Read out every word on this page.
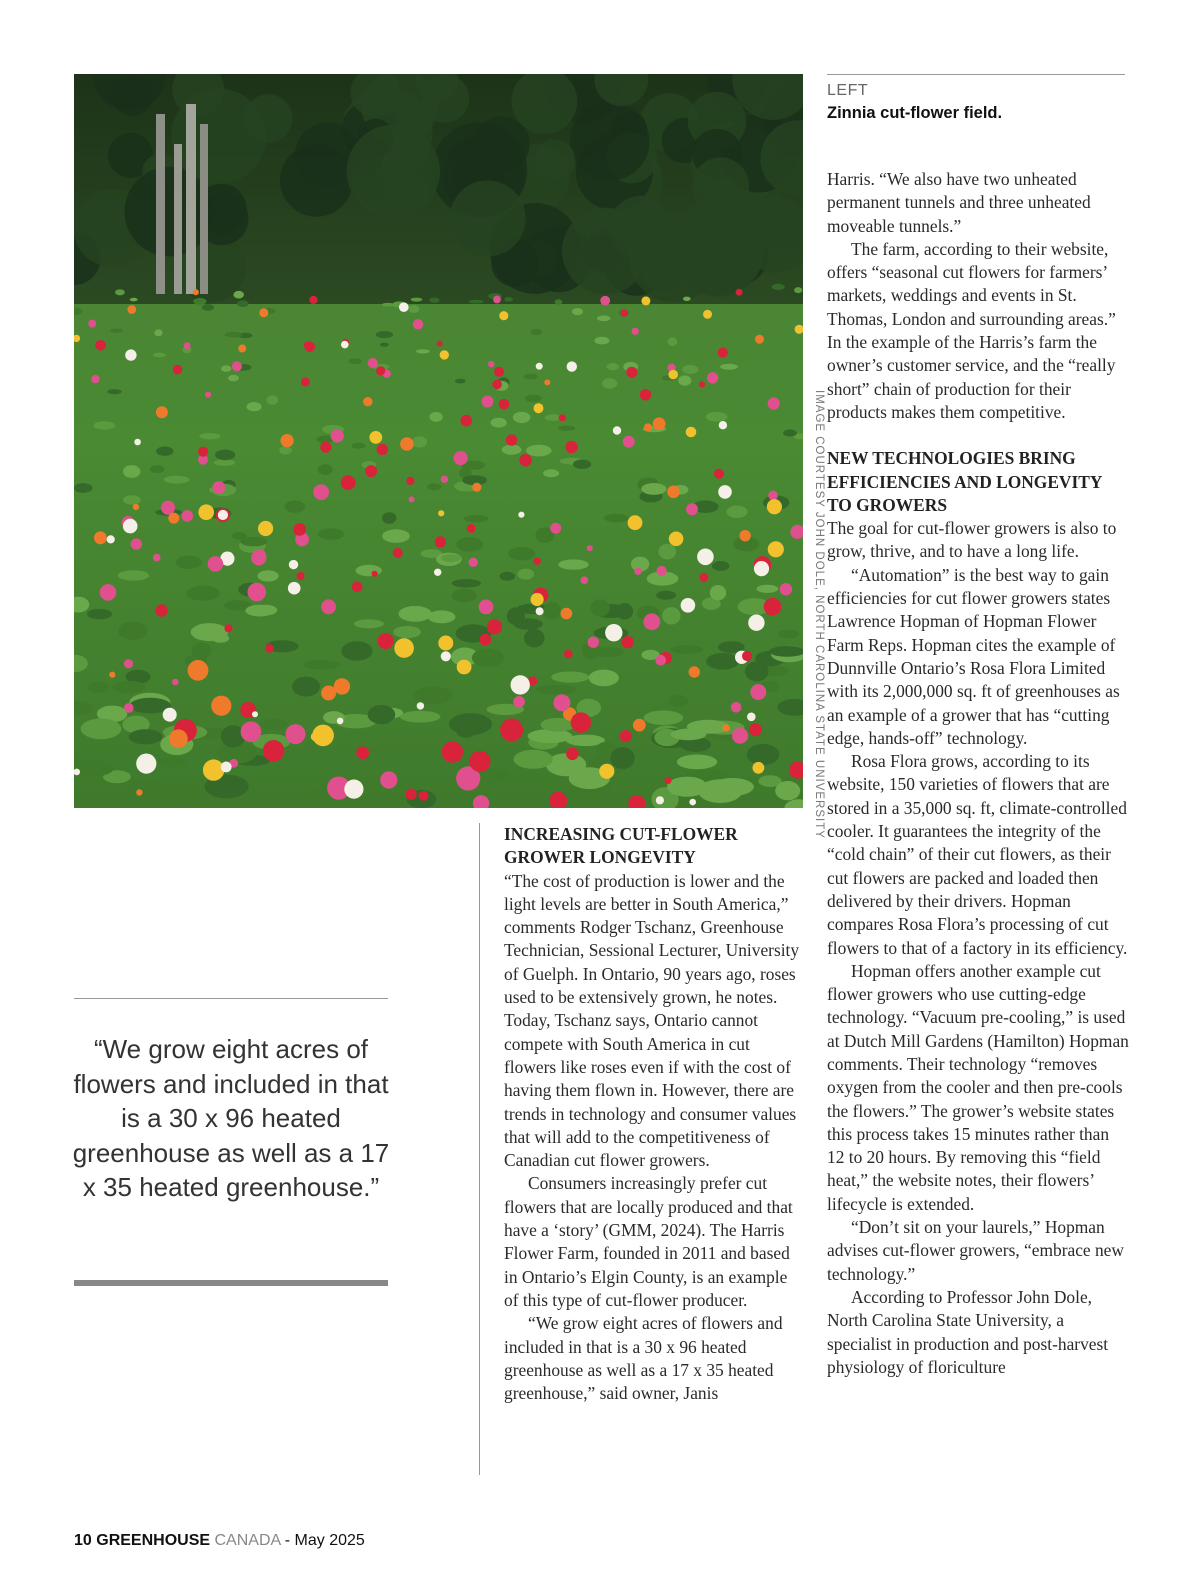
IMAGE COURTESY JOHN DOLE, NORTH CAROLINA STATE UNIVERSITY
LEFT
Zinnia cut-flower field.
“We grow eight acres of flowers and included in that is a 30 x 96 heated greenhouse as well as a 17 x 35 heated greenhouse.”
INCREASING CUT-FLOWER GROWER LONGEVITY

“The cost of production is lower and the light levels are better in South America,” comments Rodger Tschanz, Greenhouse Technician, Sessional Lecturer, University of Guelph. In Ontario, 90 years ago, roses used to be extensively grown, he notes. Today, Tschanz says, Ontario cannot compete with South America in cut flowers like roses even if with the cost of having them flown in. However, there are trends in technology and consumer values that will add to the competitiveness of Canadian cut flower growers.

Consumers increasingly prefer cut flowers that are locally produced and that have a ‘story’ (GMM, 2024). The Harris Flower Farm, founded in 2011 and based in Ontario’s Elgin County, is an example of this type of cut-flower producer.

“We grow eight acres of flowers and included in that is a 30 x 96 heated greenhouse as well as a 17 x 35 heated greenhouse,” said owner, Janis

Harris. “We also have two unheated permanent tunnels and three unheated moveable tunnels.”

The farm, according to their website, offers “seasonal cut flowers for farmers’ markets, weddings and events in St. Thomas, London and surrounding areas.” In the example of the Harris’s farm the owner’s customer service, and the “really short” chain of production for their products makes them competitive.

NEW TECHNOLOGIES BRING EFFICIENCIES AND LONGEVITY TO GROWERS

The goal for cut-flower growers is also to grow, thrive, and to have a long life.

“Automation” is the best way to gain efficiencies for cut flower growers states Lawrence Hopman of Hopman Flower Farm Reps. Hopman cites the example of Dunnville Ontario’s Rosa Flora Limited with its 2,000,000 sq. ft of greenhouses as an example of a grower that has “cutting edge, hands-off” technology.

Rosa Flora grows, according to its website, 150 varieties of flowers that are stored in a 35,000 sq. ft, climate-controlled cooler. It guarantees the integrity of the “cold chain” of their cut flowers, as their cut flowers are packed and loaded then delivered by their drivers. Hopman compares Rosa Flora’s processing of cut flowers to that of a factory in its efficiency.

Hopman offers another example cut flower growers who use cutting-edge technology. “Vacuum pre-cooling,” is used at Dutch Mill Gardens (Hamilton) Hopman comments. Their technology “removes oxygen from the cooler and then pre-cools the flowers.” The grower’s website states this process takes 15 minutes rather than 12 to 20 hours. By removing this “field heat,” the website notes, their flowers’ lifecycle is extended.

“Don’t sit on your laurels,” Hopman advises cut-flower growers, “embrace new technology.”

According to Professor John Dole, North Carolina State University, a specialist in production and post-harvest physiology of floriculture

10 GREENHOUSE CANADA - May 2025
